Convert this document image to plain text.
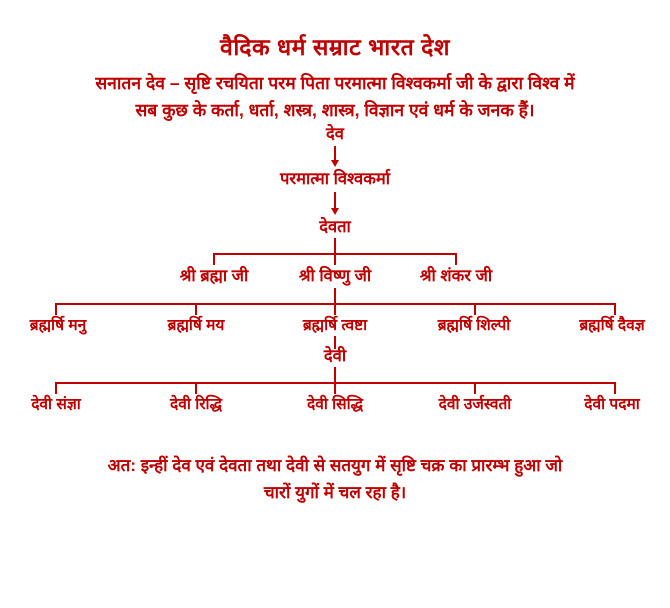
वैदिक धर्म सम्राट भारत देश
सनातन देव – सृष्टि रचयिता परम पिता परमात्मा विश्वकर्मा जी के द्वारा विश्व में
सब कुछ के कर्ता, धर्ता, शस्त्र, शास्त्र, विज्ञान एवं धर्म के जनक हैं।
देव
परमात्मा विश्वकर्मा
देवता
श्री ब्रह्मा जी	श्री विष्णु जी	श्री शंकर जी
ब्रह्मर्षि मनु	ब्रह्मर्षि मय	ब्रह्मर्षि त्वष्टा	ब्रह्मर्षि शिल्पी	ब्रह्मर्षि दैवज्ञ
देवी
देवी संज्ञा	देवी रिद्धि	देवी सिद्धि	देवी उर्जस्वती	देवी पदमा
अत: इन्हीं देव एवं देवता तथा देवी से सतयुग में सृष्टि चक्र का प्रारम्भ हुआ जो
चारों युगों में चल रहा है।
